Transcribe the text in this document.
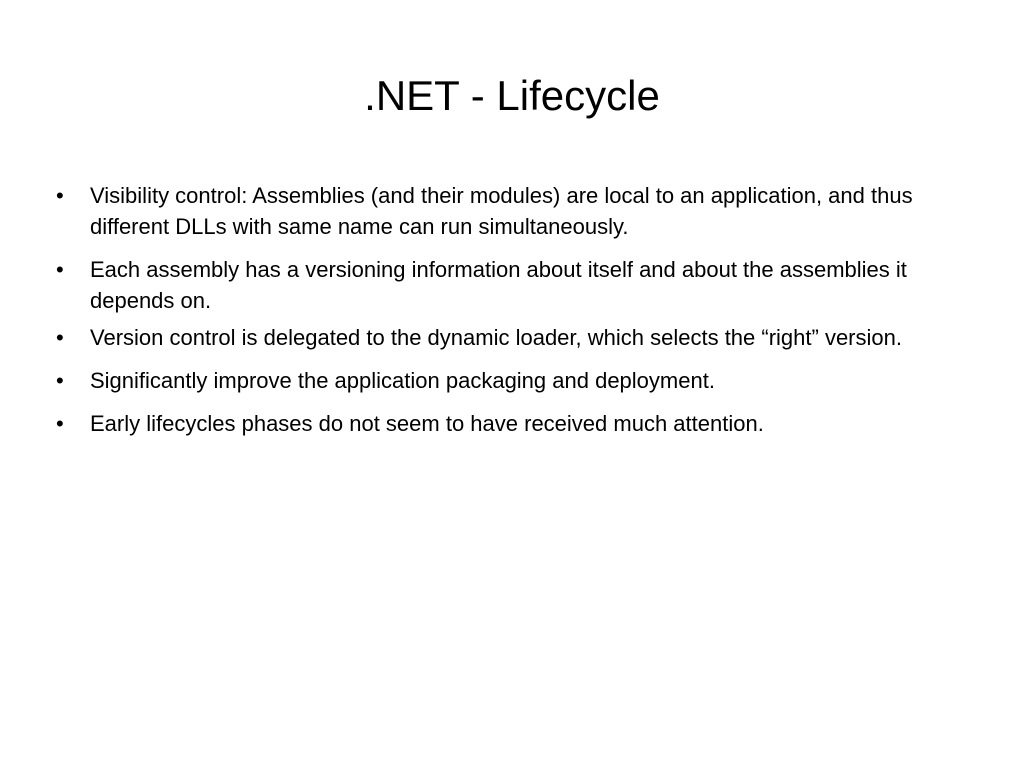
.NET - Lifecycle
•	Visibility control: Assemblies (and their modules) are local to an application, and thus different DLLs with same name can run simultaneously.
•	Each assembly has a versioning information about itself and about the assemblies it depends on.
•	Version control is delegated to the dynamic loader, which selects the “right” version.
•	Significantly improve the application packaging and deployment.
•	Early lifecycles phases do not seem to have received much attention.
